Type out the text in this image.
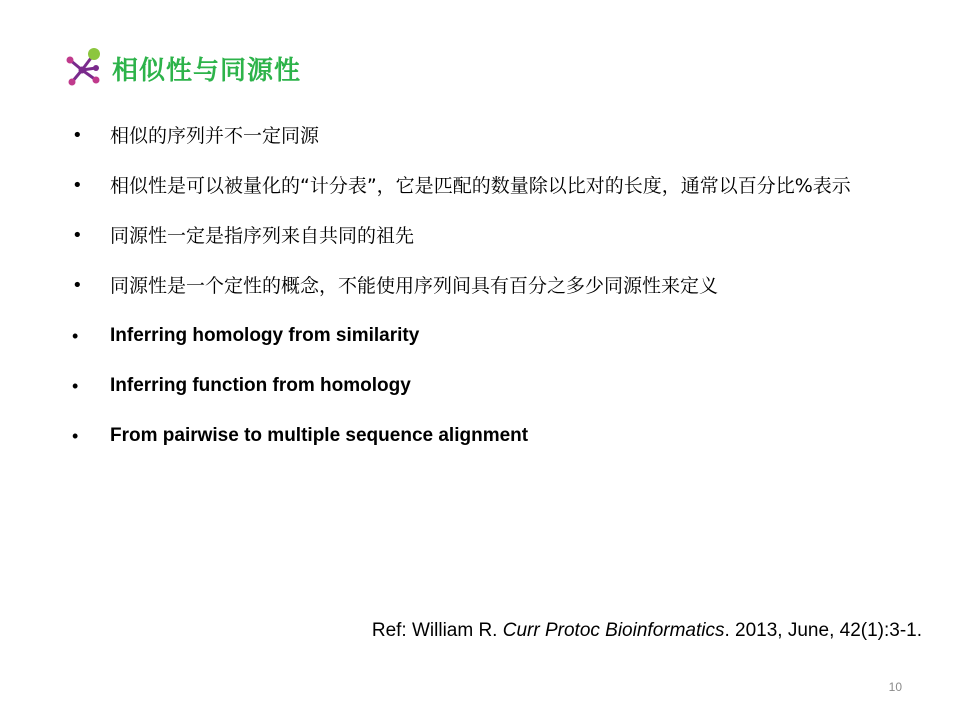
相似性与同源性
• 相似的序列并不一定同源
• 相似性是可以被量化的“计分表”，它是匹配的数量除以比对的长度，通常以百分比%表示
• 同源性一定是指序列来自共同的祖先
• 同源性是一个定性的概念，不能使用序列间具有百分之多少同源性来定义
• Inferring homology from similarity
• Inferring function from homology
• From pairwise to multiple sequence alignment
Ref: William R. Curr Protoc Bioinformatics. 2013, June, 42(1):3-1.
10
